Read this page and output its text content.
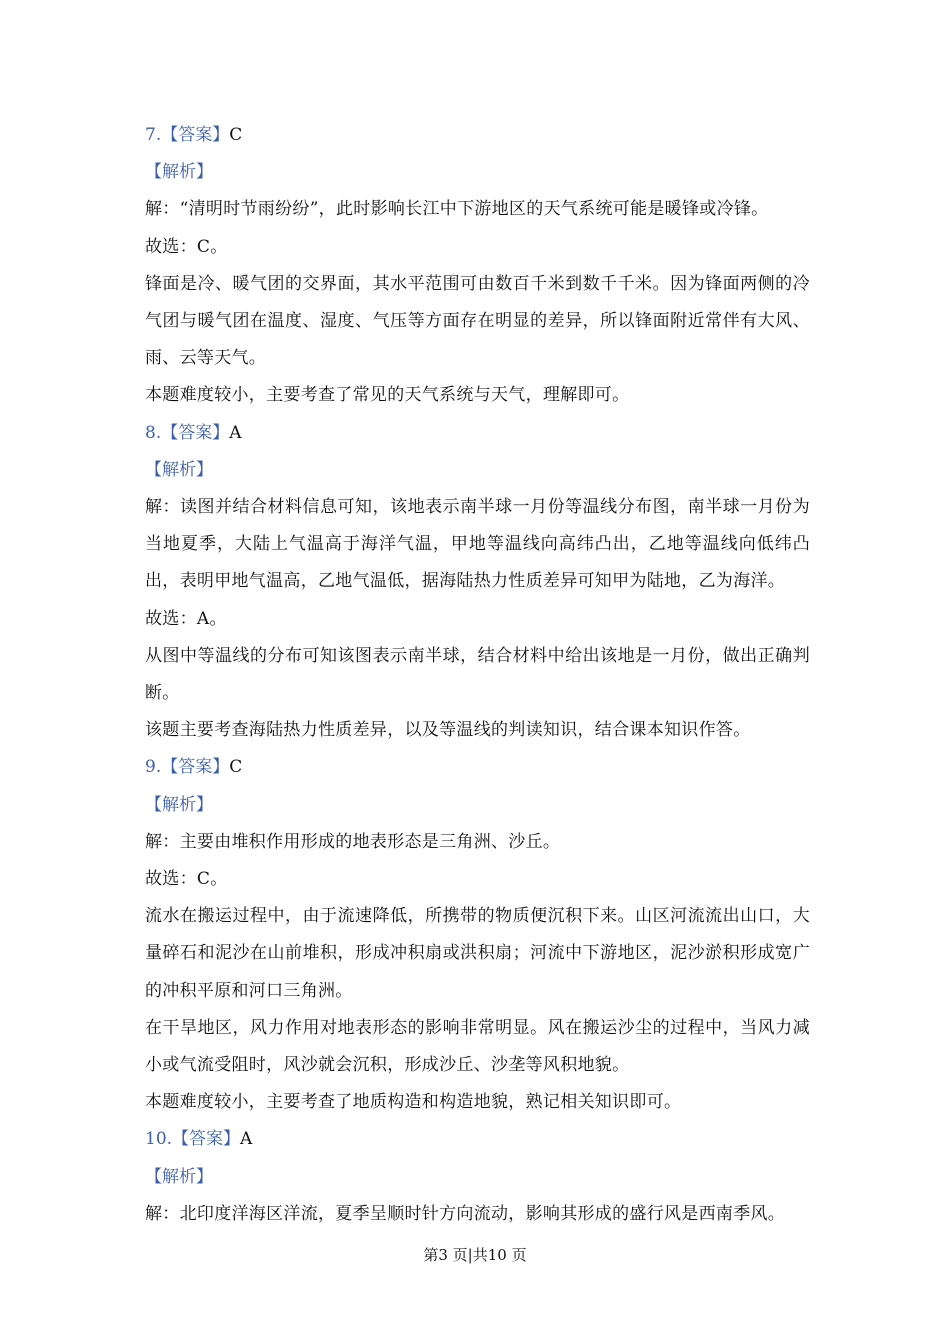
7.【答案】C
【解析】
解：“清明时节雨纷纷”，此时影响长江中下游地区的天气系统可能是暖锋或冷锋。
故选：C。
锋面是冷、暖气团的交界面，其水平范围可由数百千米到数千千米。因为锋面两侧的冷气团与暖气团在温度、湿度、气压等方面存在明显的差异，所以锋面附近常伴有大风、雨、云等天气。
本题难度较小，主要考查了常见的天气系统与天气，理解即可。
8.【答案】A
【解析】
解：读图并结合材料信息可知，该地表示南半球一月份等温线分布图，南半球一月份为当地夏季，大陆上气温高于海洋气温，甲地等温线向高纬凸出，乙地等温线向低纬凸出，表明甲地气温高，乙地气温低，据海陆热力性质差异可知甲为陆地，乙为海洋。
故选：A。
从图中等温线的分布可知该图表示南半球，结合材料中给出该地是一月份，做出正确判断。
该题主要考查海陆热力性质差异，以及等温线的判读知识，结合课本知识作答。
9.【答案】C
【解析】
解：主要由堆积作用形成的地表形态是三角洲、沙丘。
故选：C。
流水在搬运过程中，由于流速降低，所携带的物质便沉积下来。山区河流流出山口，大量碎石和泥沙在山前堆积，形成冲积扇或洪积扇；河流中下游地区，泥沙淤积形成宽广的冲积平原和河口三角洲。
在干旱地区，风力作用对地表形态的影响非常明显。风在搬运沙尘的过程中，当风力减小或气流受阻时，风沙就会沉积，形成沙丘、沙垄等风积地貌。
本题难度较小，主要考查了地质构造和构造地貌，熟记相关知识即可。
10.【答案】A
【解析】
解：北印度洋海区洋流，夏季呈顺时针方向流动，影响其形成的盛行风是西南季风。
第3 页|共10 页
